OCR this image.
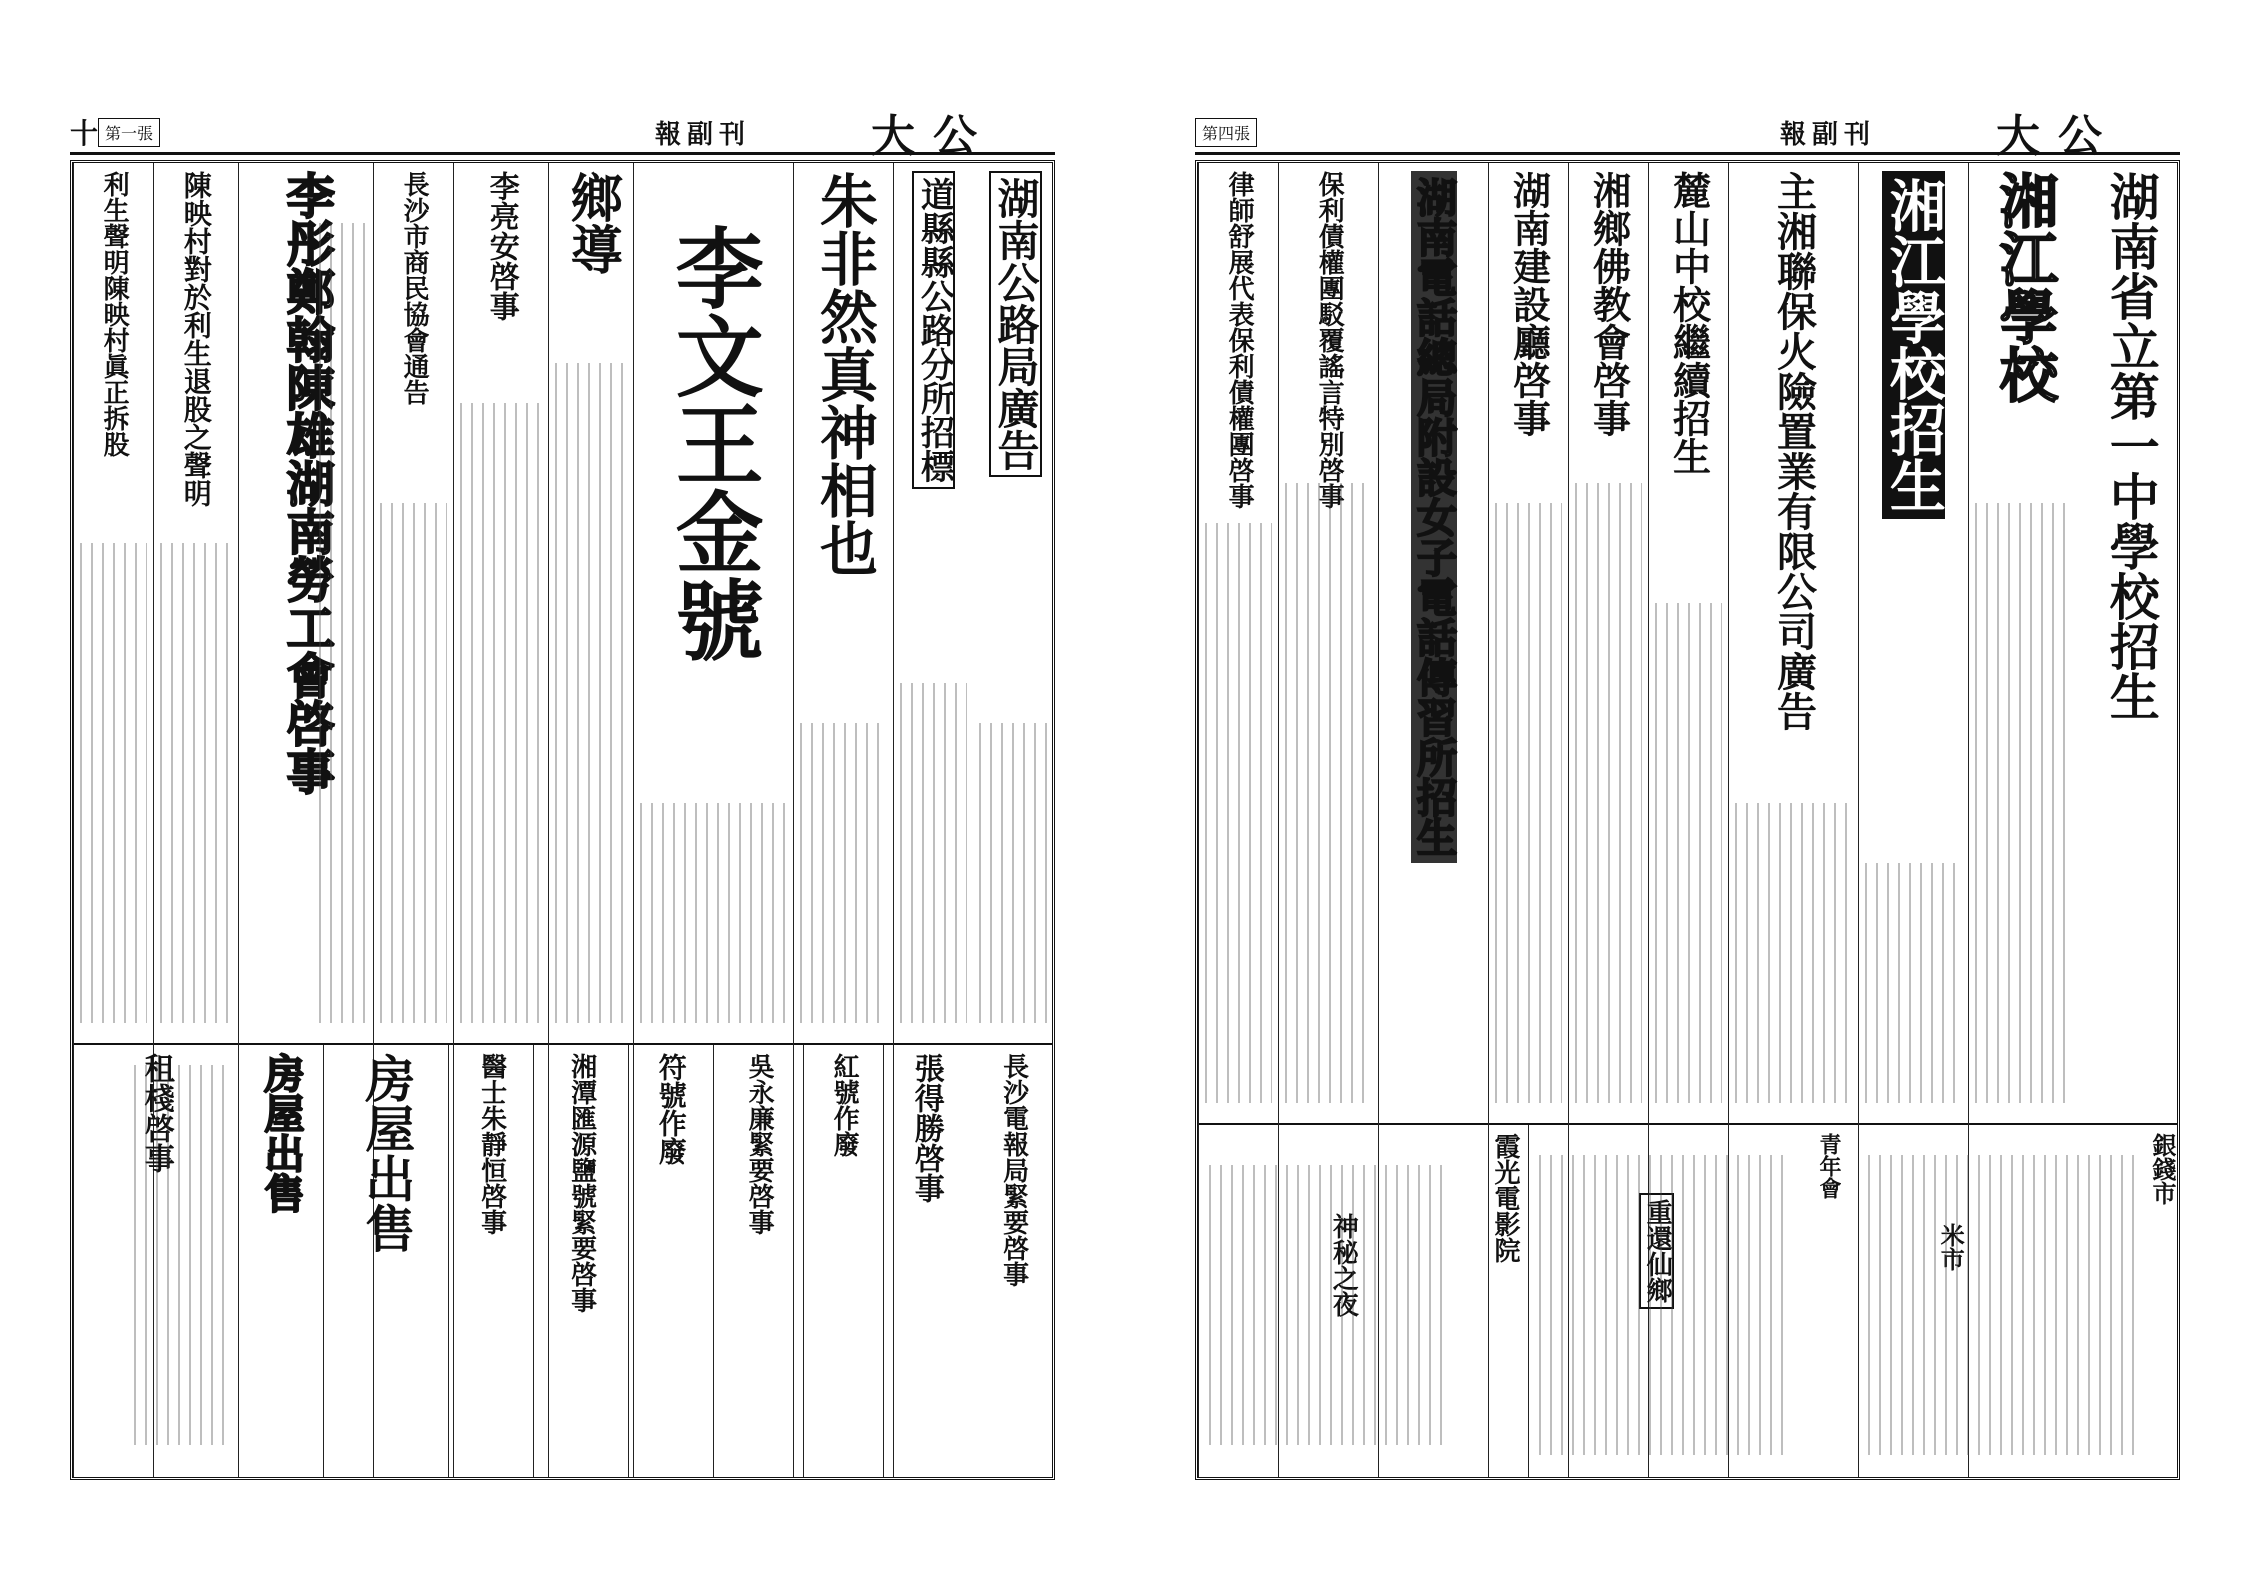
十 第一張	報副刊	大公
湖南公路局廣告
道縣縣公路分所招標
朱非然真神相也
李文王金號
鄉導
李亮安啓事
長沙市商民協會通告
李彤鄭翰陳雄湖南勞工會啓事
陳映村對於利生退股之聲明
利生聲明陳映村眞正拆股
長沙電報局緊要啓事
張得勝啓事
紅號作廢
吳永廉緊要啓事
符號作廢
湘潭匯源鹽號緊要啓事
醫士朱靜恒啓事
房屋出售
房屋出售
租棧啓事
第四張	報副刊	大公
湖南省立第一中學校招生
湘江學校
湘江學校招生
主湘聯保火險置業有限公司廣告
麓山中校繼續招生
湘鄉佛教會啓事
湖南建設廳啓事
湖南電話總局附設女子電話傳習所招生
保利債權團駁覆謠言特別啓事
律師舒展代表保利債權團啓事
銀錢市
米市
青年會
重還仙鄉
霞光電影院
神秘之夜
